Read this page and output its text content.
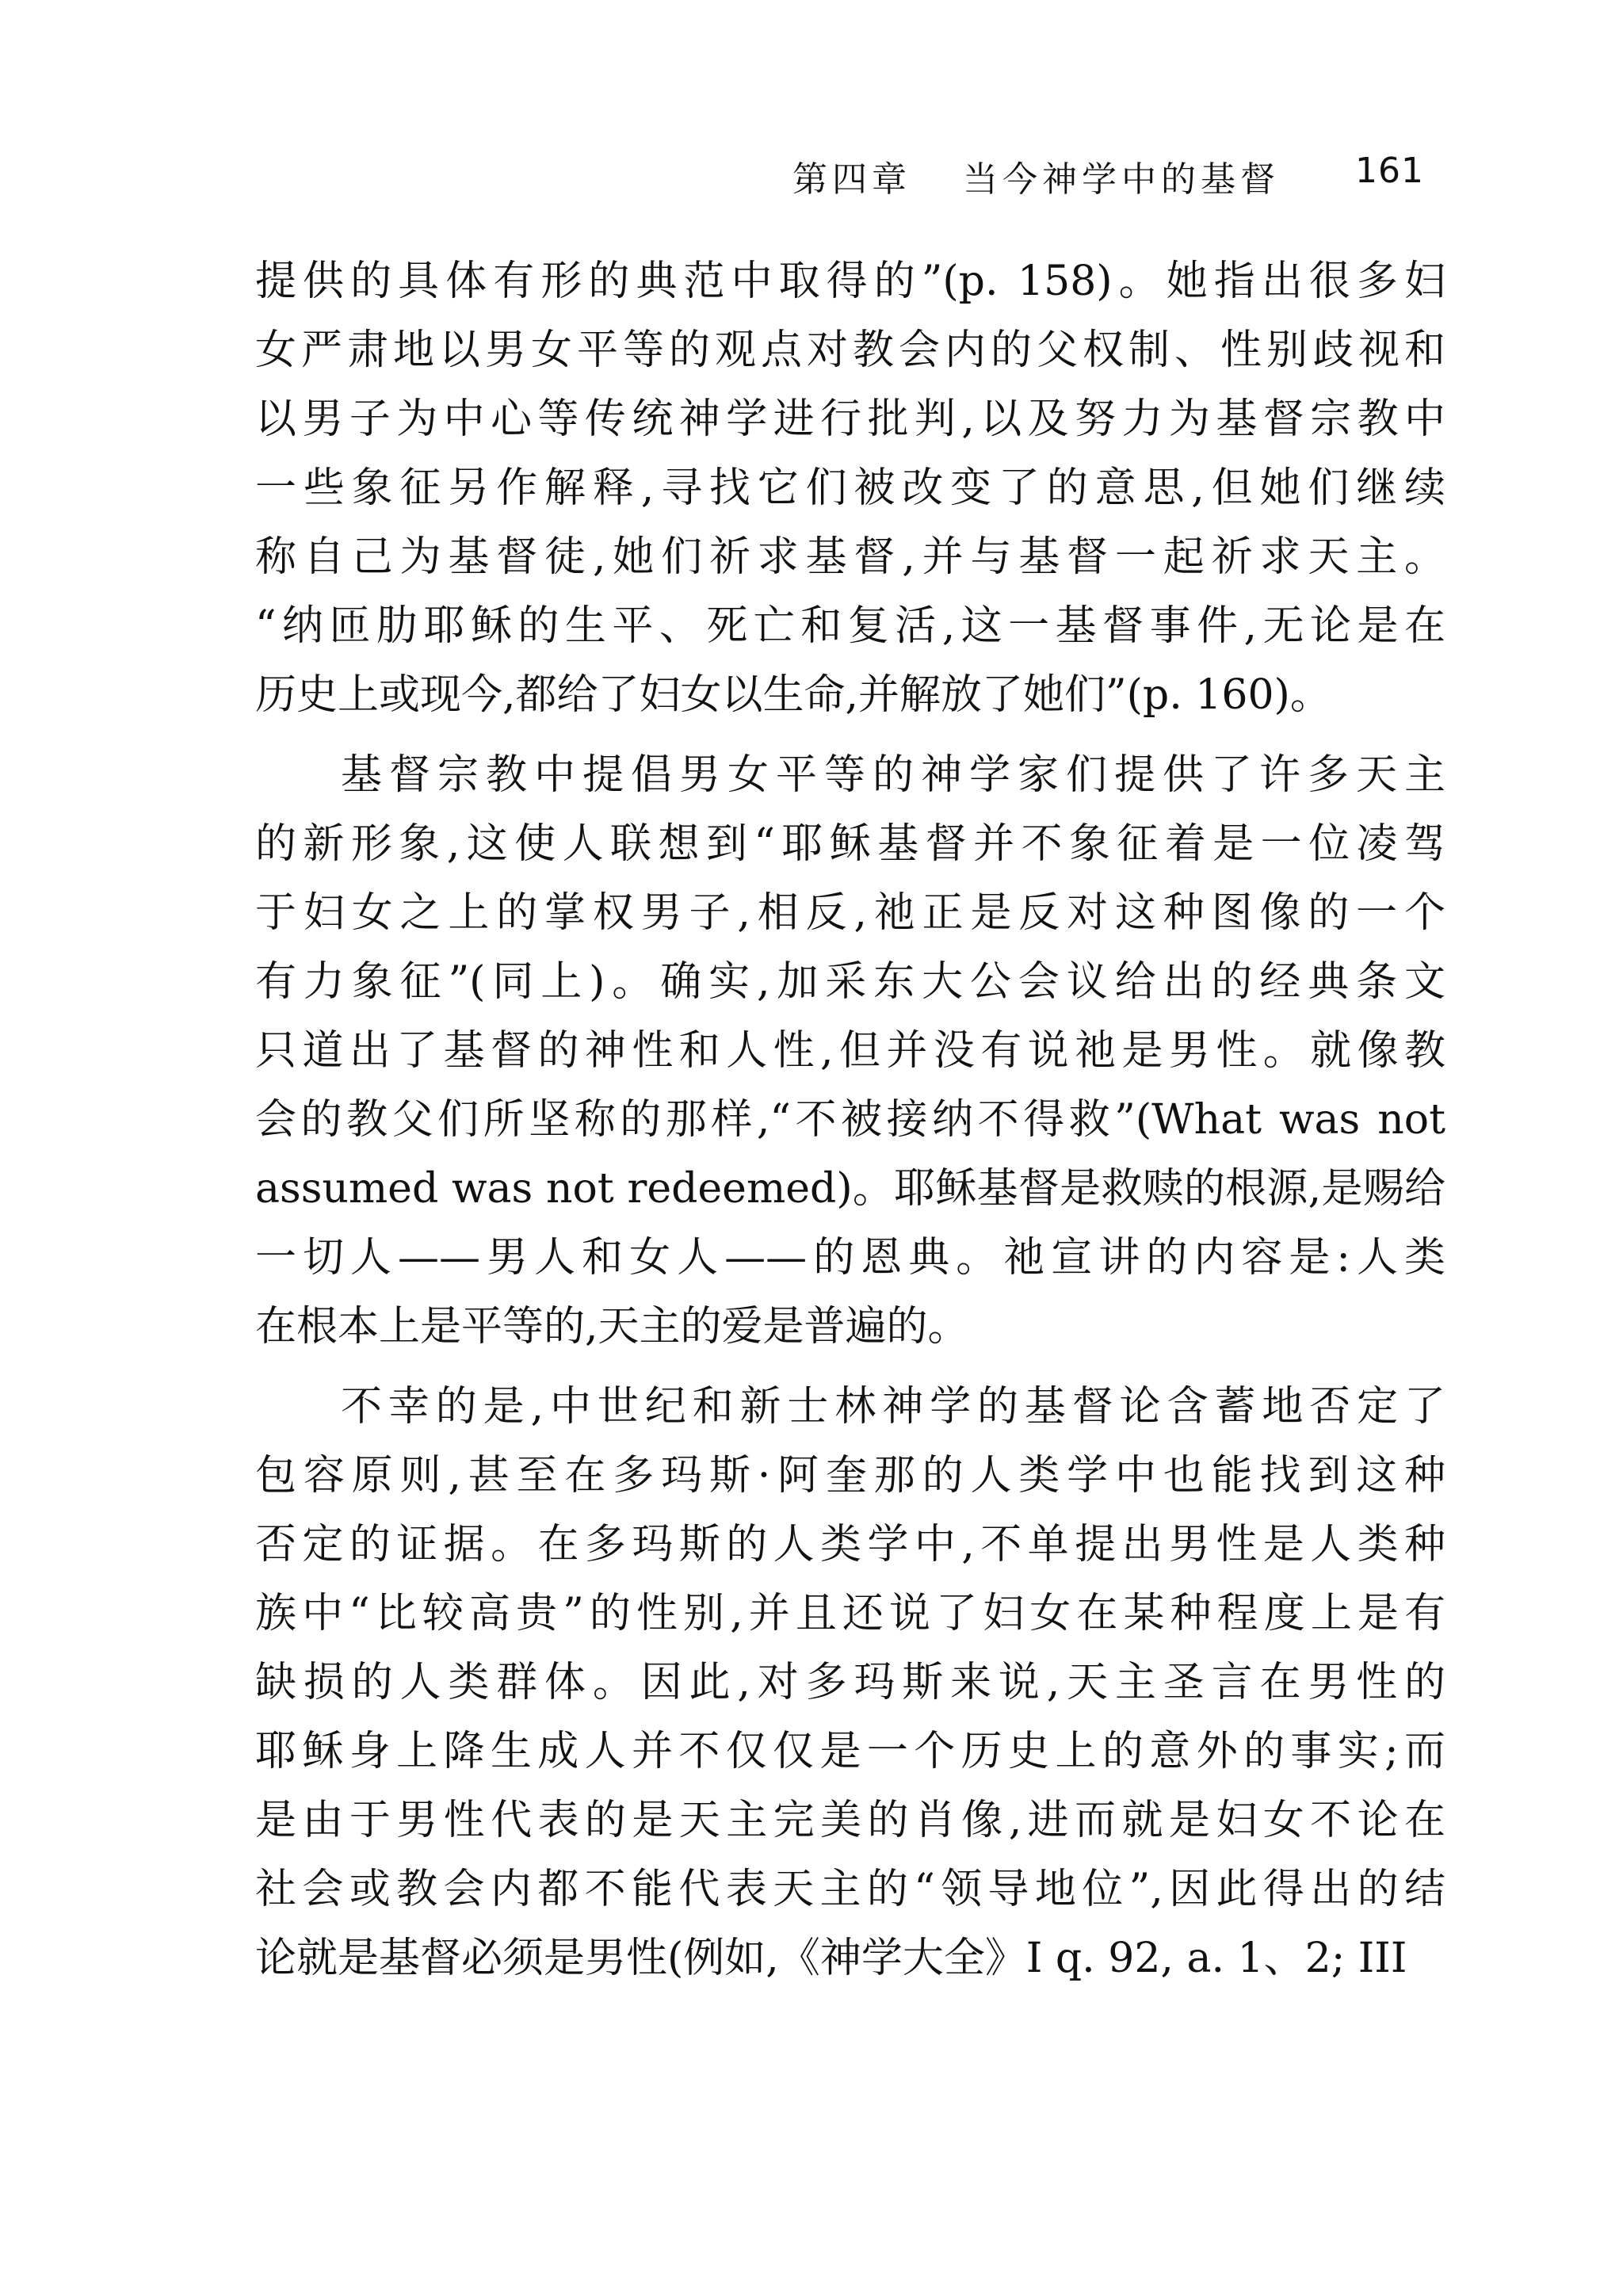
第四章 当今神学中的基督 161
提供的具体有形的典范中取得的”(p. 158)。她指出很多妇
女严肃地以男女平等的观点对教会内的父权制、性别歧视和
以男子为中心等传统神学进行批判,以及努力为基督宗教中
一些象征另作解释,寻找它们被改变了的意思,但她们继续
称自己为基督徒,她们祈求基督,并与基督一起祈求天主。
“纳匝肋耶稣的生平、死亡和复活,这一基督事件,无论是在
历史上或现今,都给了妇女以生命,并解放了她们”(p. 160)。
基督宗教中提倡男女平等的神学家们提供了许多天主
的新形象,这使人联想到“耶稣基督并不象征着是一位凌驾
于妇女之上的掌权男子,相反,祂正是反对这种图像的一个
有力象征”(同上)。确实,加采东大公会议给出的经典条文
只道出了基督的神性和人性,但并没有说祂是男性。就像教
会的教父们所坚称的那样,“不被接纳不得救”(What was not
assumed was not redeemed)。耶稣基督是救赎的根源,是赐给
一切人——男人和女人——的恩典。祂宣讲的内容是:人类
在根本上是平等的,天主的爱是普遍的。
不幸的是,中世纪和新士林神学的基督论含蓄地否定了
包容原则,甚至在多玛斯·阿奎那的人类学中也能找到这种
否定的证据。在多玛斯的人类学中,不单提出男性是人类种
族中“比较高贵”的性别,并且还说了妇女在某种程度上是有
缺损的人类群体。因此,对多玛斯来说,天主圣言在男性的
耶稣身上降生成人并不仅仅是一个历史上的意外的事实;而
是由于男性代表的是天主完美的肖像,进而就是妇女不论在
社会或教会内都不能代表天主的“领导地位”,因此得出的结
论就是基督必须是男性(例如,《神学大全》I q. 92, a. 1、2; III
